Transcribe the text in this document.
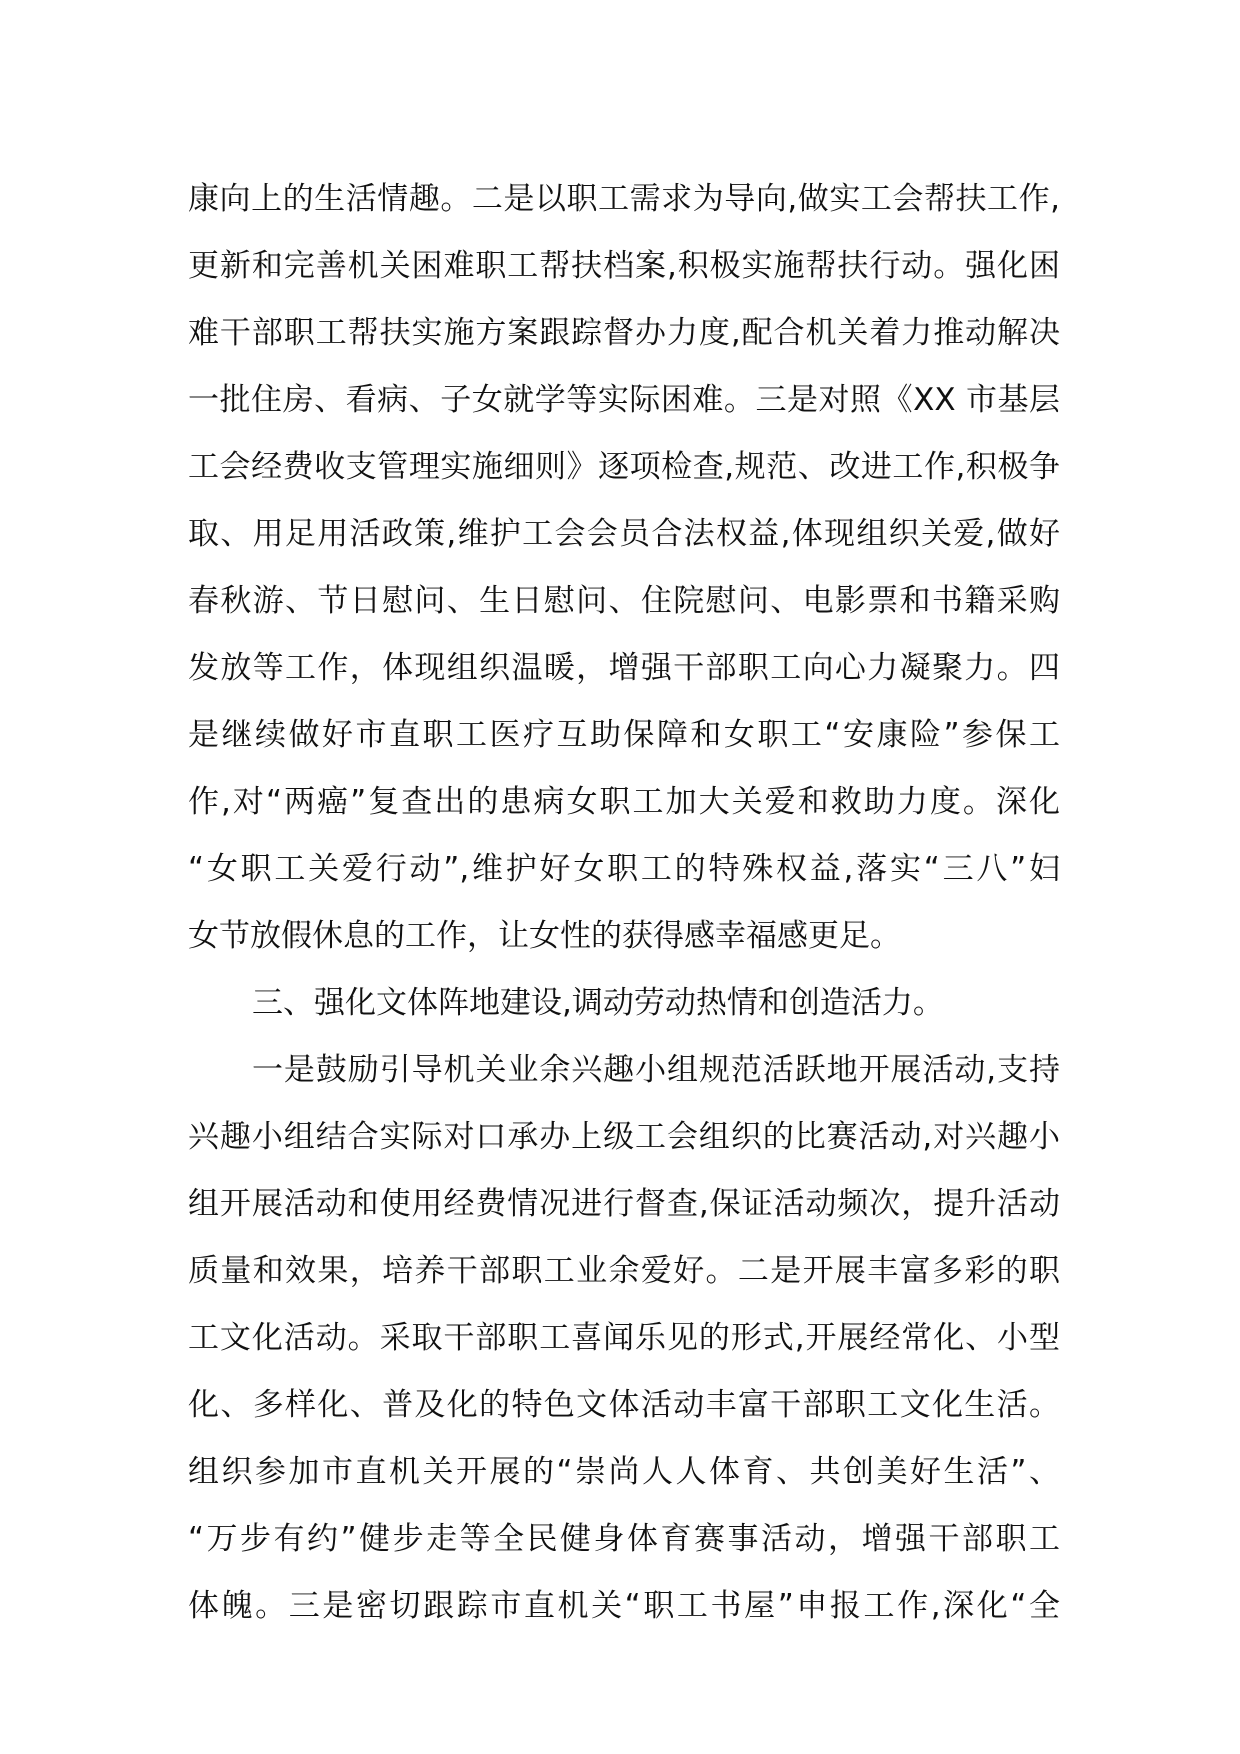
康向上的生活情趣。二是以职工需求为导向,做实工会帮扶工作,
更新和完善机关困难职工帮扶档案,积极实施帮扶行动。强化困
难干部职工帮扶实施方案跟踪督办力度,配合机关着力推动解决
一批住房、看病、子女就学等实际困难。三是对照《XX 市基层
工会经费收支管理实施细则》逐项检查,规范、改进工作,积极争
取、用足用活政策,维护工会会员合法权益,体现组织关爱,做好
春秋游、节日慰问、生日慰问、住院慰问、电影票和书籍采购
发放等工作，体现组织温暖，增强干部职工向心力凝聚力。四
是继续做好市直职工医疗互助保障和女职工“安康险”参保工
作,对“两癌”复查出的患病女职工加大关爱和救助力度。深化
“女职工关爱行动”,维护好女职工的特殊权益,落实“三八”妇
女节放假休息的工作，让女性的获得感幸福感更足。
三、强化文体阵地建设,调动劳动热情和创造活力。
一是鼓励引导机关业余兴趣小组规范活跃地开展活动,支持
兴趣小组结合实际对口承办上级工会组织的比赛活动,对兴趣小
组开展活动和使用经费情况进行督查,保证活动频次，提升活动
质量和效果，培养干部职工业余爱好。二是开展丰富多彩的职
工文化活动。采取干部职工喜闻乐见的形式,开展经常化、小型
化、多样化、普及化的特色文体活动丰富干部职工文化生活。
组织参加市直机关开展的“崇尚人人体育、共创美好生活”、
“万步有约”健步走等全民健身体育赛事活动，增强干部职工
体魄。三是密切跟踪市直机关“职工书屋”申报工作,深化“全
